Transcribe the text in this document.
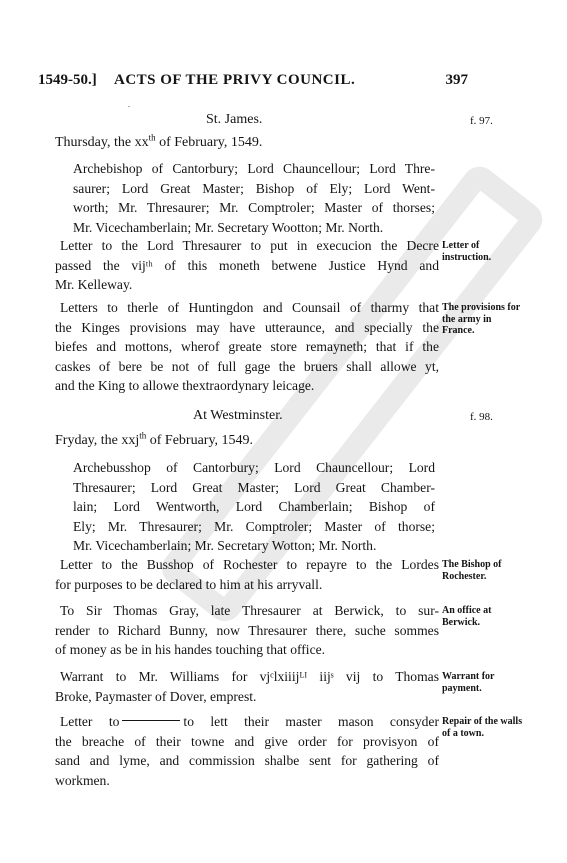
1549-50.] ACTS OF THE PRIVY COUNCIL.	397
.
St. James.	f. 97.
Thursday, the $xx^{th}$ of February, 1549.
Archebishop of Cantorbury; Lord Chauncellour; Lord Thre-
saurer; Lord Great Master; Bishop of Ely; Lord Went-
worth; Mr. Thresaurer; Mr. Comptroler; Master of thorses;
Mr. Vicechamberlain; Mr. Secretary Wootton; Mr. North.
Letter to the Lord Thresaurer to put in execucion the Decre
passed the vijᵗʰ of this moneth betwene Justice Hynd and
Mr. Kelleway.
Letter of instruction.
Letters to therle of Huntingdon and Counsail of tharmy that
the Kinges provisions may have utteraunce, and specially the
biefes and mottons, wherof greate store remayneth; that if the
caskes of bere be not of full gage the bruers shall allowe yt,
and the King to allowe thextraordynary leicage.
The provisions for the army in France.
At Westminster.	f. 98.
Fryday, the xxj$^{th}$ of February, 1549.
Archebusshop of Cantorbury; Lord Chauncellour; Lord
Thresaurer; Lord Great Master; Lord Great Chamber-
lain; Lord Wentworth, Lord Chamberlain; Bishop of
Ely; Mr. Thresaurer; Mr. Comptroler; Master of thorse;
Mr. Vicechamberlain; Mr. Secretary Wotton; Mr. North.
Letter to the Busshop of Rochester to repayre to the Lordes
for purposes to be declared to him at his arryvall.
The Bishop of Rochester.
To Sir Thomas Gray, late Thresaurer at Berwick, to sur-
render to Richard Bunny, now Thresaurer there, suche sommes
of money as be in his handes touching that office.
An office at Berwick.
Warrant to Mr. Williams for vjᶜlxiiijᴸᴵ iijˢ vij to Thomas
Broke, Paymaster of Dover, emprest.
Warrant for payment.
Letter to	to lett their master mason consyder
the breache of their towne and give order for provisyon of
sand and lyme, and commission shalbe sent for gathering of
workmen.
Repair of the walls of a town.
